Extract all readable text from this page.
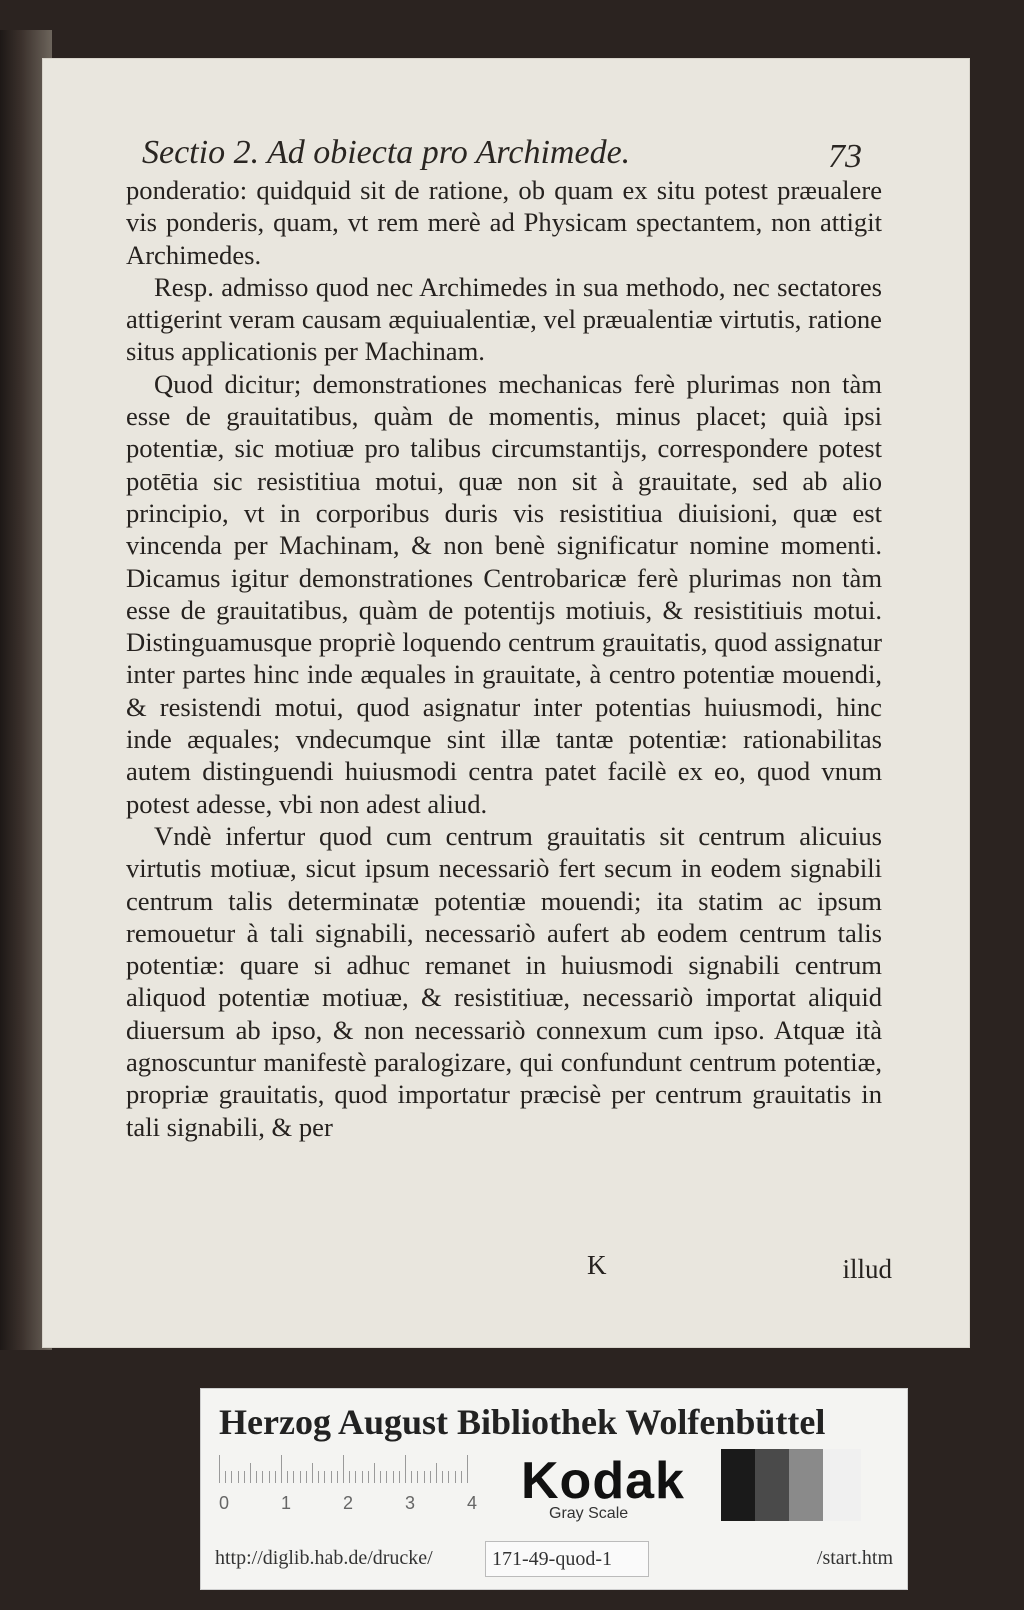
Sectio 2. Ad obiecta pro Archimede.	73

ponderatio: quidquid sit de ratione, ob quam ex situ potest præualere vis ponderis, quam, vt rem merè ad Physicam spectantem, non attigit Archimedes.

Resp. admisso quod nec Archimedes in sua methodo, nec sectatores attigerint veram causam æquiualentiæ, vel præualentiæ virtutis, ratione situs applicationis per Machinam.

Quod dicitur; demonstrationes mechanicas ferè plurimas non tàm esse de grauitatibus, quàm de momentis, minus placet; quià ipsi potentiæ, sic motiuæ pro talibus circumstantijs, correspondere potest potētia sic resistitiua motui, quæ non sit à grauitate, sed ab alio principio, vt in corporibus duris vis resistitiua diuisioni, quæ est vincenda per Machinam, & non benè significatur nomine momenti. Dicamus igitur demonstrationes Centrobaricæ ferè plurimas non tàm esse de grauitatibus, quàm de potentijs motiuis, & resistitiuis motui. Distinguamusque propriè loquendo centrum grauitatis, quod assignatur inter partes hinc inde æquales in grauitate, à centro potentiæ mouendi, & resistendi motui, quod asignatur inter potentias huiusmodi, hinc inde æquales; vndecumque sint illæ tantæ potentiæ: rationabilitas autem distinguendi huiusmodi centra patet facilè ex eo, quod vnum potest adesse, vbi non adest aliud.

Vndè infertur quod cum centrum grauitatis sit centrum alicuius virtutis motiuæ, sicut ipsum necessariò fert secum in eodem signabili centrum talis determinatæ potentiæ mouendi; ita statim ac ipsum remouetur à tali signabili, necessariò aufert ab eodem centrum talis potentiæ: quare si adhuc remanet in huiusmodi signabili centrum aliquod potentiæ motiuæ, & resistitiuæ, necessariò importat aliquid diuersum ab ipso, & non necessariò connexum cum ipso. Atquæ ità agnoscuntur manifestè paralogizare, qui confundunt centrum potentiæ, propriæ grauitatis, quod importatur præcisè per centrum grauitatis in tali signabili, & per

K	illud
Herzog August Bibliothek Wolfenbüttel
0	1	2	3	4 Kodak
Gray Scale
http://diglib.hab.de/drucke/	171-49-quod-1	/start.htm
